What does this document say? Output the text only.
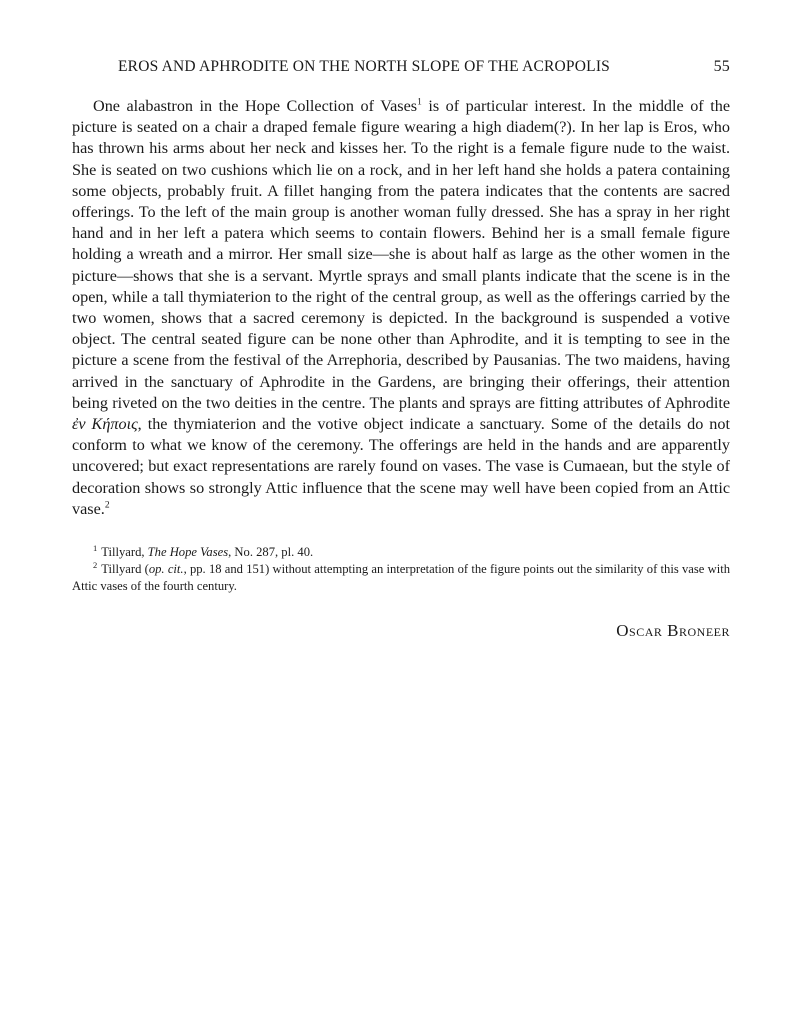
EROS AND APHRODITE ON THE NORTH SLOPE OF THE ACROPOLIS	55

One alabastron in the Hope Collection of Vases$^1$ is of particular interest. In the middle of the picture is seated on a chair a draped female figure wearing a high diadem(?). In her lap is Eros, who has thrown his arms about her neck and kisses her. To the right is a female figure nude to the waist. She is seated on two cushions which lie on a rock, and in her left hand she holds a patera containing some objects, probably fruit. A fillet hanging from the patera indicates that the contents are sacred offerings. To the left of the main group is another woman fully dressed. She has a spray in her right hand and in her left a patera which seems to contain flowers. Behind her is a small female figure holding a wreath and a mirror. Her small size—she is about half as large as the other women in the picture—shows that she is a servant. Myrtle sprays and small plants indicate that the scene is in the open, while a tall thymiaterion to the right of the central group, as well as the offerings carried by the two women, shows that a sacred ceremony is depicted. In the background is suspended a votive object. The central seated figure can be none other than Aphrodite, and it is tempting to see in the picture a scene from the festival of the Arrephoria, described by Pausanias. The two maidens, having arrived in the sanctuary of Aphrodite in the Gardens, are bringing their offerings, their attention being riveted on the two deities in the centre. The plants and sprays are fitting attributes of Aphrodite ἐν Κήποις, the thymiaterion and the votive object indicate a sanctuary. Some of the details do not conform to what we know of the ceremony. The offerings are held in the hands and are apparently uncovered; but exact representations are rarely found on vases. The vase is Cumaean, but the style of decoration shows so strongly Attic influence that the scene may well have been copied from an Attic vase.$^2$

$^1$ Tillyard, The Hope Vases, No. 287, pl. 40.

$^2$ Tillyard (op. cit., pp. 18 and 151) without attempting an interpretation of the figure points out the similarity of this vase with Attic vases of the fourth century.

Oscar Broneer
